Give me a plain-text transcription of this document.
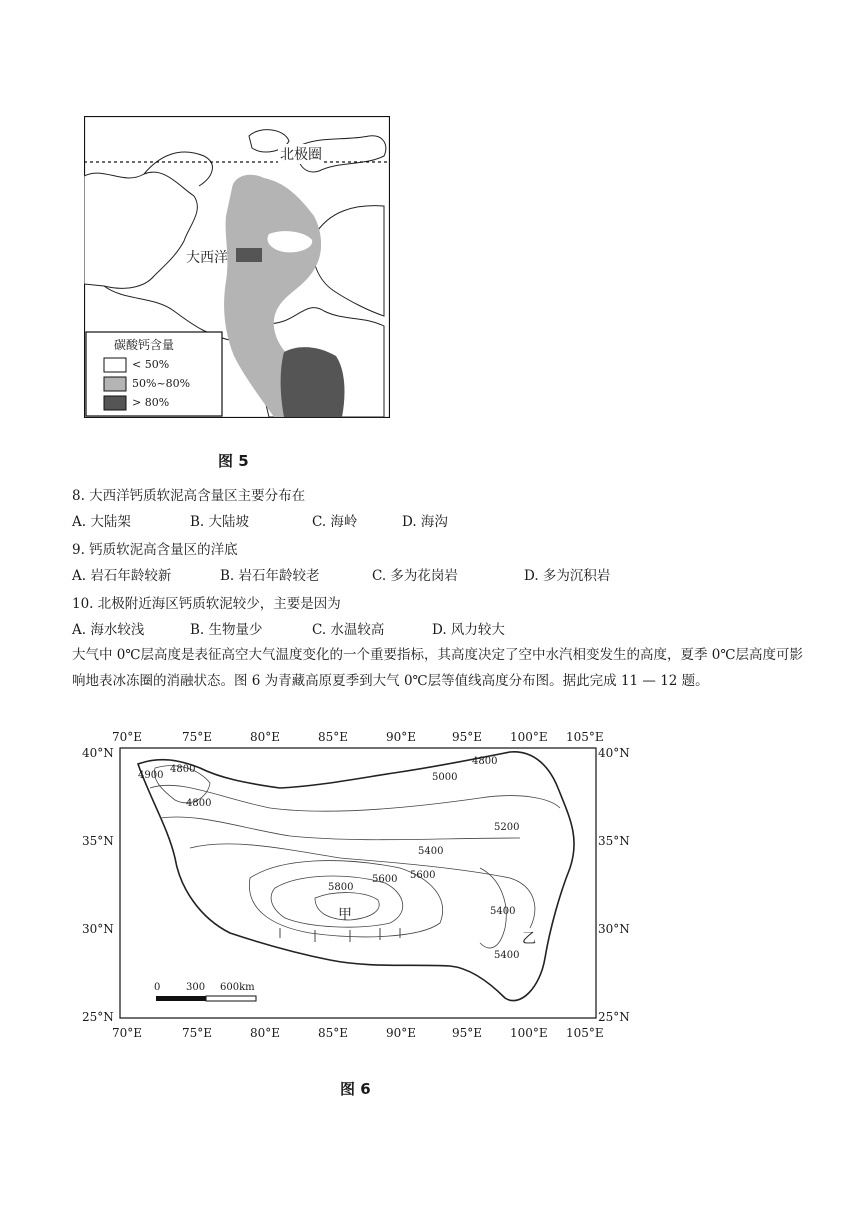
北极圈
大西洋
碳酸钙含量
< 50%
50%~80%
> 80%
图 5
8. 大西洋钙质软泥高含量区主要分布在
A. 大陆架	B. 大陆坡	C. 海岭	D. 海沟
9. 钙质软泥高含量区的洋底
A. 岩石年龄较新	B. 岩石年龄较老	C. 多为花岗岩	D. 多为沉积岩
10. 北极附近海区钙质软泥较少，主要是因为
A. 海水较浅	B. 生物量少	C. 水温较高	D. 风力较大
大气中 0℃层高度是表征高空大气温度变化的一个重要指标，其高度决定了空中水汽相变发生的高度，夏季 0℃层高度可影响地表冰冻圈的消融状态。图 6 为青藏高原夏季到大气 0℃层等值线高度分布图。据此完成 11 — 12 题。
70°E	75°E	80°E	85°E	90°E	95°E 100°E 105°E
70°E	75°E	80°E	85°E	90°E	95°E 100°E 105°E
40°N
35°N
30°N
25°N
40°N
35°N
30°N
25°N
4900
4800
4800
5000
4800
5200
5400
5600
5800
5600
5400
5400
甲
乙
0	300 600km
图 6
